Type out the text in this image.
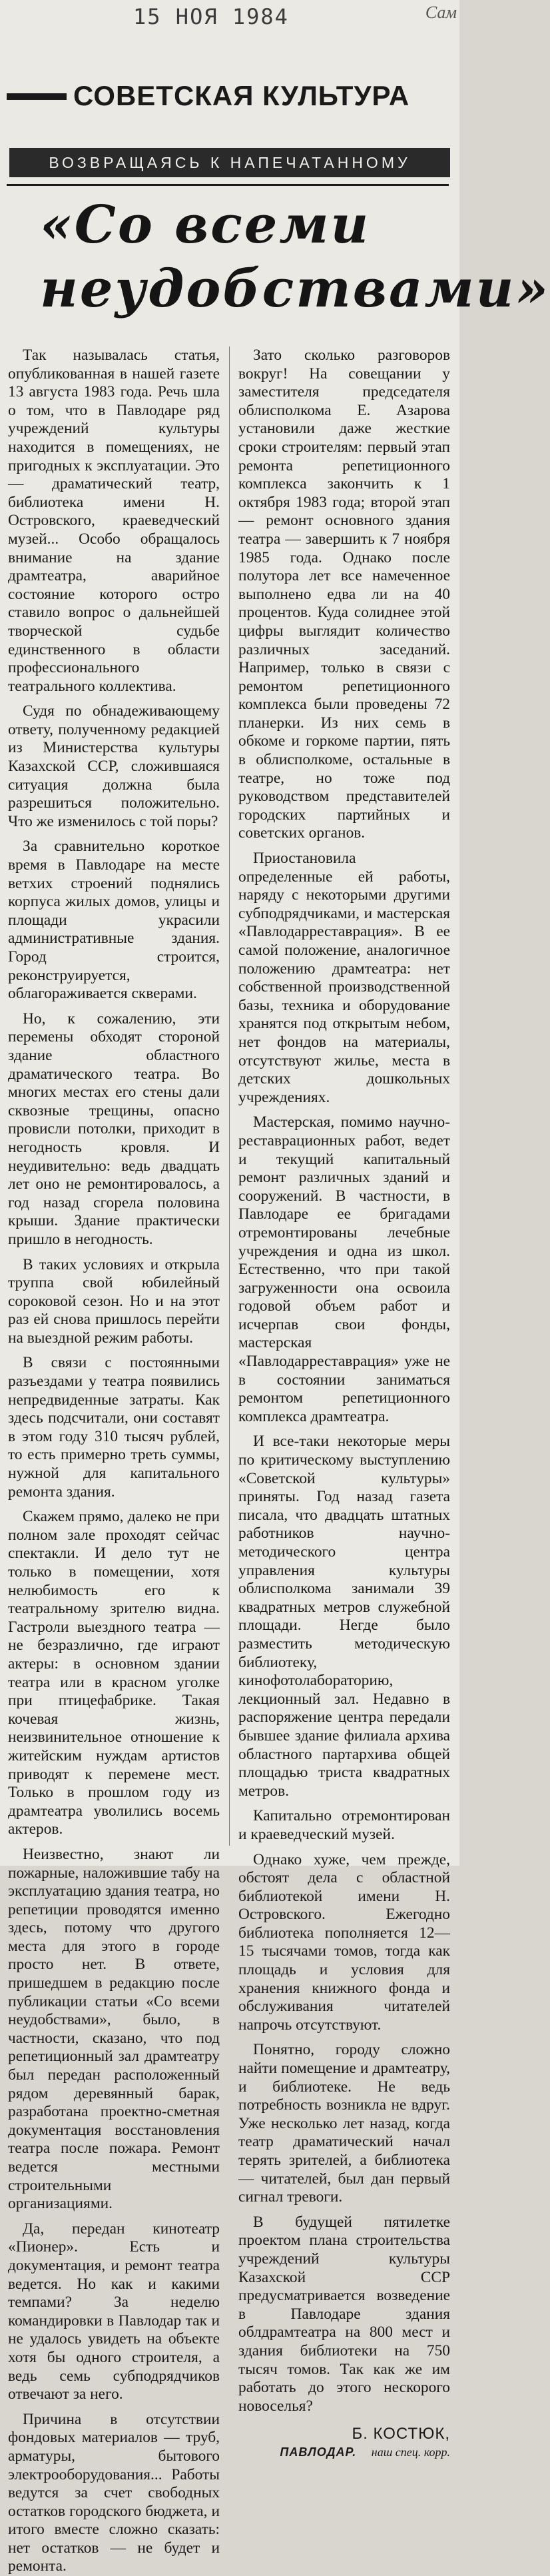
15 НОЯ 1984	Сам
СОВЕТСКАЯ КУЛЬТУРА
ВОЗВРАЩАЯСЬ К НАПЕЧАТАННОМУ
«Со всеми
неудобствами»

Так называлась статья, опубликованная в нашей газете 13 августа 1983 года. Речь шла о том, что в Павлодаре ряд учреждений культуры находится в помещениях, не пригодных к эксплуатации. Это — драматический театр, библиотека имени Н. Островского, краеведческий музей... Особо обращалось внимание на здание драмтеатра, аварийное состояние которого остро ставило вопрос о дальнейшей творческой судьбе единственного в области профессионального театрального коллектива.

Судя по обнадеживающему ответу, полученному редакцией из Министерства культуры Казахской ССР, сложившаяся ситуация должна была разрешиться положительно. Что же изменилось с той поры?

За сравнительно короткое время в Павлодаре на месте ветхих строений поднялись корпуса жилых домов, улицы и площади украсили административные здания. Город строится, реконструируется, облагораживается скверами.

Но, к сожалению, эти перемены обходят стороной здание областного драматического театра. Во многих местах его стены дали сквозные трещины, опасно провисли потолки, приходит в негодность кровля. И неудивительно: ведь двадцать лет оно не ремонтировалось, а год назад сгорела половина крыши. Здание практически пришло в негодность.

В таких условиях и открыла труппа свой юбилейный сороковой сезон. Но и на этот раз ей снова пришлось перейти на выездной режим работы.

В связи с постоянными разъездами у театра появились непредвиденные затраты. Как здесь подсчитали, они составят в этом году 310 тысяч рублей, то есть примерно треть суммы, нужной для капитального ремонта здания.

Скажем прямо, далеко не при полном зале проходят сейчас спектакли. И дело тут не только в помещении, хотя нелюбимость его к театральному зрителю видна. Гастроли выездного театра — не безразлично, где играют актеры: в основном здании театра или в красном уголке при птицефабрике. Такая кочевая жизнь, неизвинительное отношение к житейским нуждам артистов приводят к перемене мест. Только в прошлом году из драмтеатра уволились восемь актеров.

Неизвестно, знают ли пожарные, наложившие табу на эксплуатацию здания театра, но репетиции проводятся именно здесь, потому что другого места для этого в городе просто нет. В ответе, пришедшем в редакцию после публикации статьи «Со всеми неудобствами», было, в частности, сказано, что под репетиционный зал драмтеатру был передан расположенный рядом деревянный барак, разработана проектно-сметная документация восстановления театра после пожара. Ремонт ведется местными строительными организациями.

Да, передан кинотеатр «Пионер». Есть и документация, и ремонт театра ведется. Но как и какими темпами? За неделю командировки в Павлодар так и не удалось увидеть на объекте хотя бы одного строителя, а ведь семь субподрядчиков отвечают за него.

Причина в отсутствии фондовых материалов — труб, арматуры, бытового электрооборудования... Работы ведутся за счет свободных остатков городского бюджета, и итого вместе сложно сказать: нет остатков — не будет и ремонта.

Зато сколько разговоров вокруг! На совещании у заместителя председателя облисполкома Е. Азарова установили даже жесткие сроки строителям: первый этап ремонта репетиционного комплекса закончить к 1 октября 1983 года; второй этап — ремонт основного здания театра — завершить к 7 ноября 1985 года. Однако после полутора лет все намеченное выполнено едва ли на 40 процентов. Куда солиднее этой цифры выглядит количество различных заседаний. Например, только в связи с ремонтом репетиционного комплекса были проведены 72 планерки. Из них семь в обкоме и горкоме партии, пять в облисполкоме, остальные в театре, но тоже под руководством представителей городских партийных и советских органов.

Приостановила определенные ей работы, наряду с некоторыми другими субподрядчиками, и мастерская «Павлодарреставрация». В ее самой положение, аналогичное положению драмтеатра: нет собственной производственной базы, техника и оборудование хранятся под открытым небом, нет фондов на материалы, отсутствуют жилье, места в детских дошкольных учреждениях.

Мастерская, помимо научно-реставрационных работ, ведет и текущий капитальный ремонт различных зданий и сооружений. В частности, в Павлодаре ее бригадами отремонтированы лечебные учреждения и одна из школ. Естественно, что при такой загруженности она освоила годовой объем работ и исчерпав свои фонды, мастерская «Павлодарреставрация» уже не в состоянии заниматься ремонтом репетиционного комплекса драмтеатра.

И все-таки некоторые меры по критическому выступлению «Советской культуры» приняты. Год назад газета писала, что двадцать штатных работников научно-методического центра управления культуры облисполкома занимали 39 квадратных метров служебной площади. Негде было разместить методическую библиотеку, кинофотолабораторию, лекционный зал. Недавно в распоряжение центра передали бывшее здание филиала архива областного партархива общей площадью триста квадратных метров.

Капитально отремонтирован и краеведческий музей.

Однако хуже, чем прежде, обстоят дела с областной библиотекой имени Н. Островского. Ежегодно библиотека пополняется 12—15 тысячами томов, тогда как площадь и условия для хранения книжного фонда и обслуживания читателей напрочь отсутствуют.

Понятно, городу сложно найти помещение и драмтеатру, и библиотеке. Не ведь потребность возникла не вдруг. Уже несколько лет назад, когда театр драматический начал терять зрителей, а библиотека — читателей, был дан первый сигнал тревоги.

В будущей пятилетке проектом плана строительства учреждений культуры Казахской ССР предусматривается возведение в Павлодаре здания облдрамтеатра на 800 мест и здания библиотеки на 750 тысяч томов. Так как же им работать до этого нескорого новоселья?

Б. КОСТЮК,
ПАВЛОДАР. наш спец. корр.
